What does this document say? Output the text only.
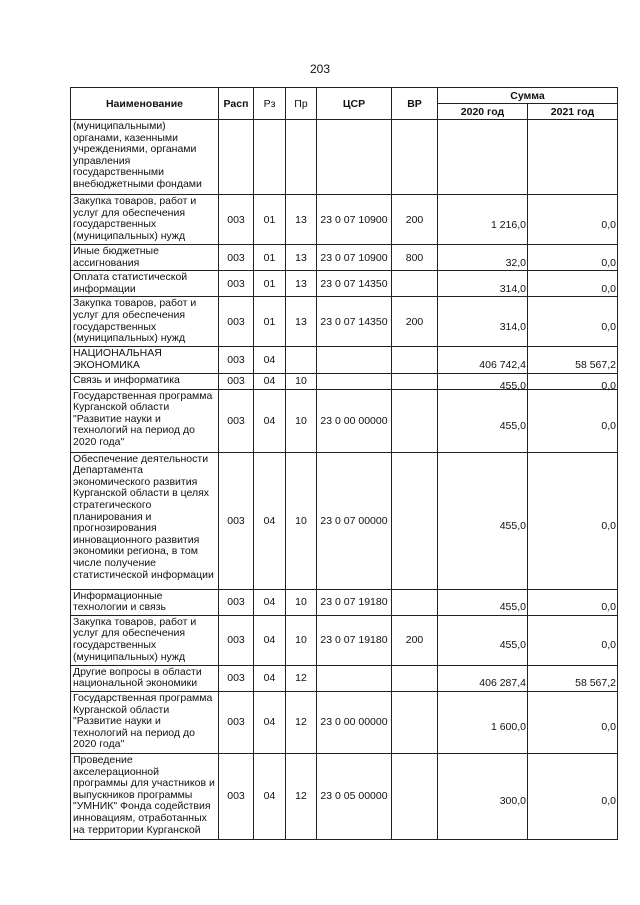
203
Наименование	Расп	Рз	Пр	ЦСР	ВР	Сумма	
						2020 год	2021 год
(муниципальными) органами, казенными учреждениями, органами управления государственными внебюджетными фондами							
Закупка товаров, работ и услуг для обеспечения государственных (муниципальных) нужд	003	01	13	23 0 07 10900	200	1 216,0	0,0
Иные бюджетные ассигнования	003	01	13	23 0 07 10900	800	32,0	0,0
Оплата статистической информации	003	01	13	23 0 07 14350		314,0	0,0
Закупка товаров, работ и услуг для обеспечения государственных (муниципальных) нужд	003	01	13	23 0 07 14350	200	314,0	0,0
НАЦИОНАЛЬНАЯ ЭКОНОМИКА	003	04				406 742,4	58 567,2
Связь и информатика	003	04	10			455,0	0,0
Государственная программа Курганской области "Развитие науки и технологий на период до 2020 года"	003	04	10	23 0 00 00000		455,0	0,0
Обеспечение деятельности Департамента экономического развития Курганской области в целях стратегического планирования и прогнозирования инновационного развития экономики региона, в том числе получение статистической информации	003	04	10	23 0 07 00000		455,0	0,0
Информационные технологии и связь	003	04	10	23 0 07 19180		455,0	0,0
Закупка товаров, работ и услуг для обеспечения государственных (муниципальных) нужд	003	04	10	23 0 07 19180	200	455,0	0,0
Другие вопросы в области национальной экономики	003	04	12			406 287,4	58 567,2
Государственная программа Курганской области "Развитие науки и технологий на период до 2020 года"	003	04	12	23 0 00 00000		1 600,0	0,0
Проведение акселерационной программы для участников и выпускников программы "УМНИК" Фонда содействия инновациям, отработанных на территории Курганской	003	04	12	23 0 05 00000		300,0	0,0
